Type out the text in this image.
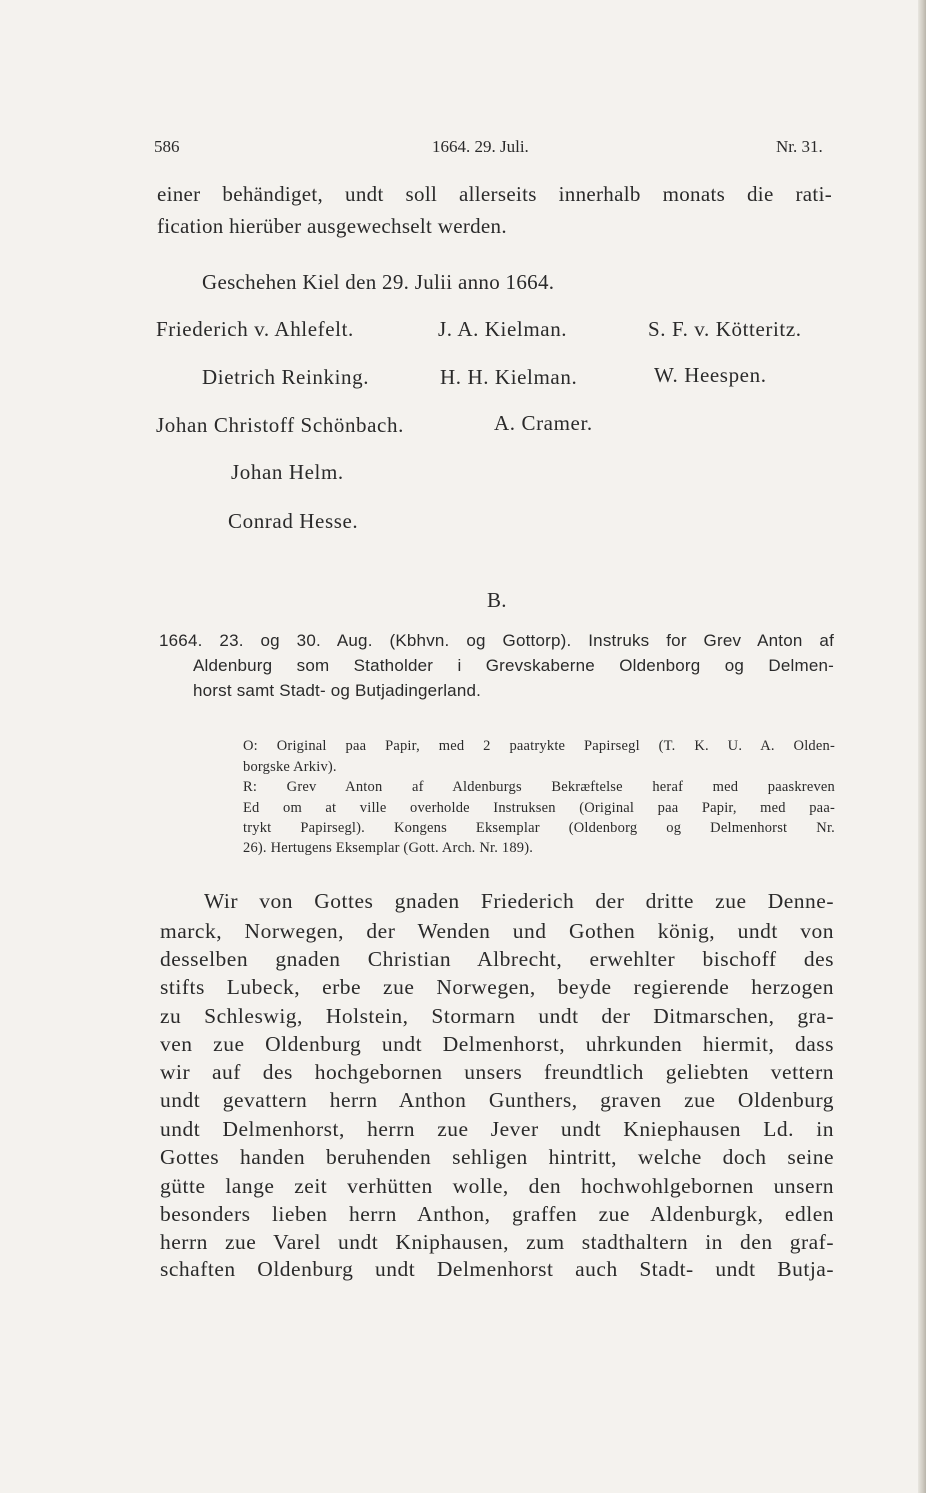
586	1664. 29. Juli.	Nr. 31.
einer behändiget, undt soll allerseits innerhalb monats die rati-
fication hierüber ausgewechselt werden.
Geschehen Kiel den 29. Julii anno 1664.
Friederich v. Ahlefelt.	J. A. Kielman.	S. F. v. Kötteritz.
Dietrich Reinking.	H. H. Kielman.	W. Heespen.
Johan Christoff Schönbach.	A. Cramer.
Johan Helm.
Conrad Hesse.
B.
1664. 23. og 30. Aug. (Kbhvn. og Gottorp). Instruks for Grev Anton af
Aldenburg som Statholder i Grevskaberne Oldenborg og Delmen-
horst samt Stadt- og Butjadingerland.
O: Original paa Papir, med 2 paatrykte Papirsegl (T. K. U. A. Olden-
borgske Arkiv).
R: Grev Anton af Aldenburgs Bekræftelse heraf med paaskreven
Ed om at ville overholde Instruksen (Original paa Papir, med paa-
trykt Papirsegl). Kongens Eksemplar (Oldenborg og Delmenhorst Nr.
26). Hertugens Eksemplar (Gott. Arch. Nr. 189).
Wir von Gottes gnaden Friederich der dritte zue Denne-
marck, Norwegen, der Wenden und Gothen könig, undt von
desselben gnaden Christian Albrecht, erwehlter bischoff des
stifts Lubeck, erbe zue Norwegen, beyde regierende herzogen
zu Schleswig, Holstein, Stormarn undt der Ditmarschen, gra-
ven zue Oldenburg undt Delmenhorst, uhrkunden hiermit, dass
wir auf des hochgebornen unsers freundtlich geliebten vettern
undt gevattern herrn Anthon Gunthers, graven zue Oldenburg
undt Delmenhorst, herrn zue Jever undt Kniephausen Ld. in
Gottes handen beruhenden sehligen hintritt, welche doch seine
gütte lange zeit verhütten wolle, den hochwohlgebornen unsern
besonders lieben herrn Anthon, graffen zue Aldenburgk, edlen
herrn zue Varel undt Kniphausen, zum stadthaltern in den graf-
schaften Oldenburg undt Delmenhorst auch Stadt- undt Butja-
